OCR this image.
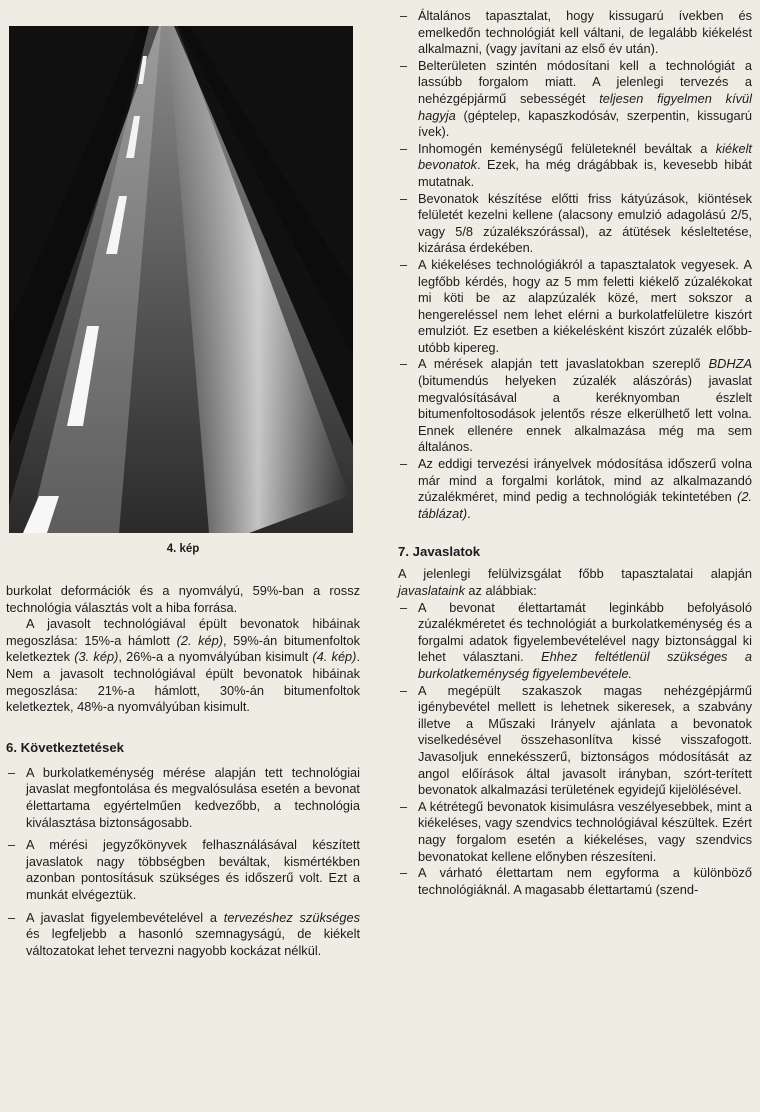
4. kép

burkolat deformációk és a nyomvályú, 59%-ban a rossz technológia választás volt a hiba forrása.

A javasolt technológiával épült bevonatok hibáinak megoszlása: 15%-a hámlott (2. kép), 59%-án bitumenfoltok keletkeztek (3. kép), 26%-a a nyomvályúban kisimult (4. kép). Nem a javasolt technológiával épült bevonatok hibáinak megoszlása: 21%-a hámlott, 30%-án bitumenfoltok keletkeztek, 48%-a nyomvályúban kisimult.

6. Következtetések
– A burkolatkeménység mérése alapján tett technológiai javaslat megfontolása és megvalósulása esetén a bevonat élettartama egyértelműen kedvezőbb, a technológia kiválasztása biztonságosabb.
– A mérési jegyzőkönyvek felhasználásával készített javaslatok nagy többségben beváltak, kismértékben azonban pontosításuk szükséges és időszerű volt. Ezt a munkát elvégeztük.
– A javaslat figyelembevételével a tervezéshez szükséges és legfeljebb a hasonló szemnagyságú, de kiékelt változatokat lehet tervezni nagyobb kockázat nélkül.
– Általános tapasztalat, hogy kissugarú ívekben és emelkedőn technológiát kell váltani, de legalább kiékelést alkalmazni, (vagy javítani az első év után).
– Belterületen szintén módosítani kell a technológiát a lassúbb forgalom miatt. A jelenlegi tervezés a nehézgépjármű sebességét teljesen figyelmen kívül hagyja (géptelep, kapaszkodósáv, szerpentin, kissugarú ívek).
– Inhomogén keménységű felületeknél beváltak a kiékelt bevonatok. Ezek, ha még drágábbak is, kevesebb hibát mutatnak.
– Bevonatok készítése előtti friss kátyúzások, kiöntések felületét kezelni kellene (alacsony emulzió adagolású 2/5, vagy 5/8 zúzalékszórással), az átütések késleltetése, kizárása érdekében.
– A kiékeléses technológiákról a tapasztalatok vegyesek. A legfőbb kérdés, hogy az 5 mm feletti kiékelő zúzalékokat mi köti be az alapzúzalék közé, mert sokszor a hengereléssel nem lehet elérni a burkolatfelületre kiszórt emulziót. Ez esetben a kiékelésként kiszórt zúzalék előbb-utóbb kipereg.
– A mérések alapján tett javaslatokban szereplő BDHZA (bitumendús helyeken zúzalék alászórás) javaslat megvalósításával a keréknyomban észlelt bitumenfoltosodások jelentős része elkerülhető lett volna. Ennek ellenére ennek alkalmazása még ma sem általános.
– Az eddigi tervezési irányelvek módosítása időszerű volna már mind a forgalmi korlátok, mind az alkalmazandó zúzalékméret, mind pedig a technológiák tekintetében (2. táblázat).
7. Javaslatok

A jelenlegi felülvizsgálat főbb tapasztalatai alapján javaslataink az alábbiak:

– A bevonat élettartamát leginkább befolyásoló zúzalékméretet és technológiát a burkolatkeménység és a forgalmi adatok figyelembevételével nagy biztonsággal ki lehet választani. Ehhez feltétlenül szükséges a burkolatkeménység figyelembevétele.
– A megépült szakaszok magas nehézgépjármű igénybevétel mellett is lehetnek sikeresek, a szabvány illetve a Műszaki Irányelv ajánlata a bevonatok viselkedésével összehasonlítva kissé visszafogott. Javasoljuk ennekésszerű, biztonságos módosítását az angol előírások által javasolt irányban, szórt-terített bevonatok alkalmazási területének egyidejű kijelölésével.
– A kétrétegű bevonatok kisimulásra veszélyesebbek, mint a kiékeléses, vagy szendvics technológiával készültek. Ezért nagy forgalom esetén a kiékeléses, vagy szendvics bevonatokat kellene előnyben részesíteni.
– A várható élettartam nem egyforma a különböző technológiáknál. A magasabb élettartamú (szend-
